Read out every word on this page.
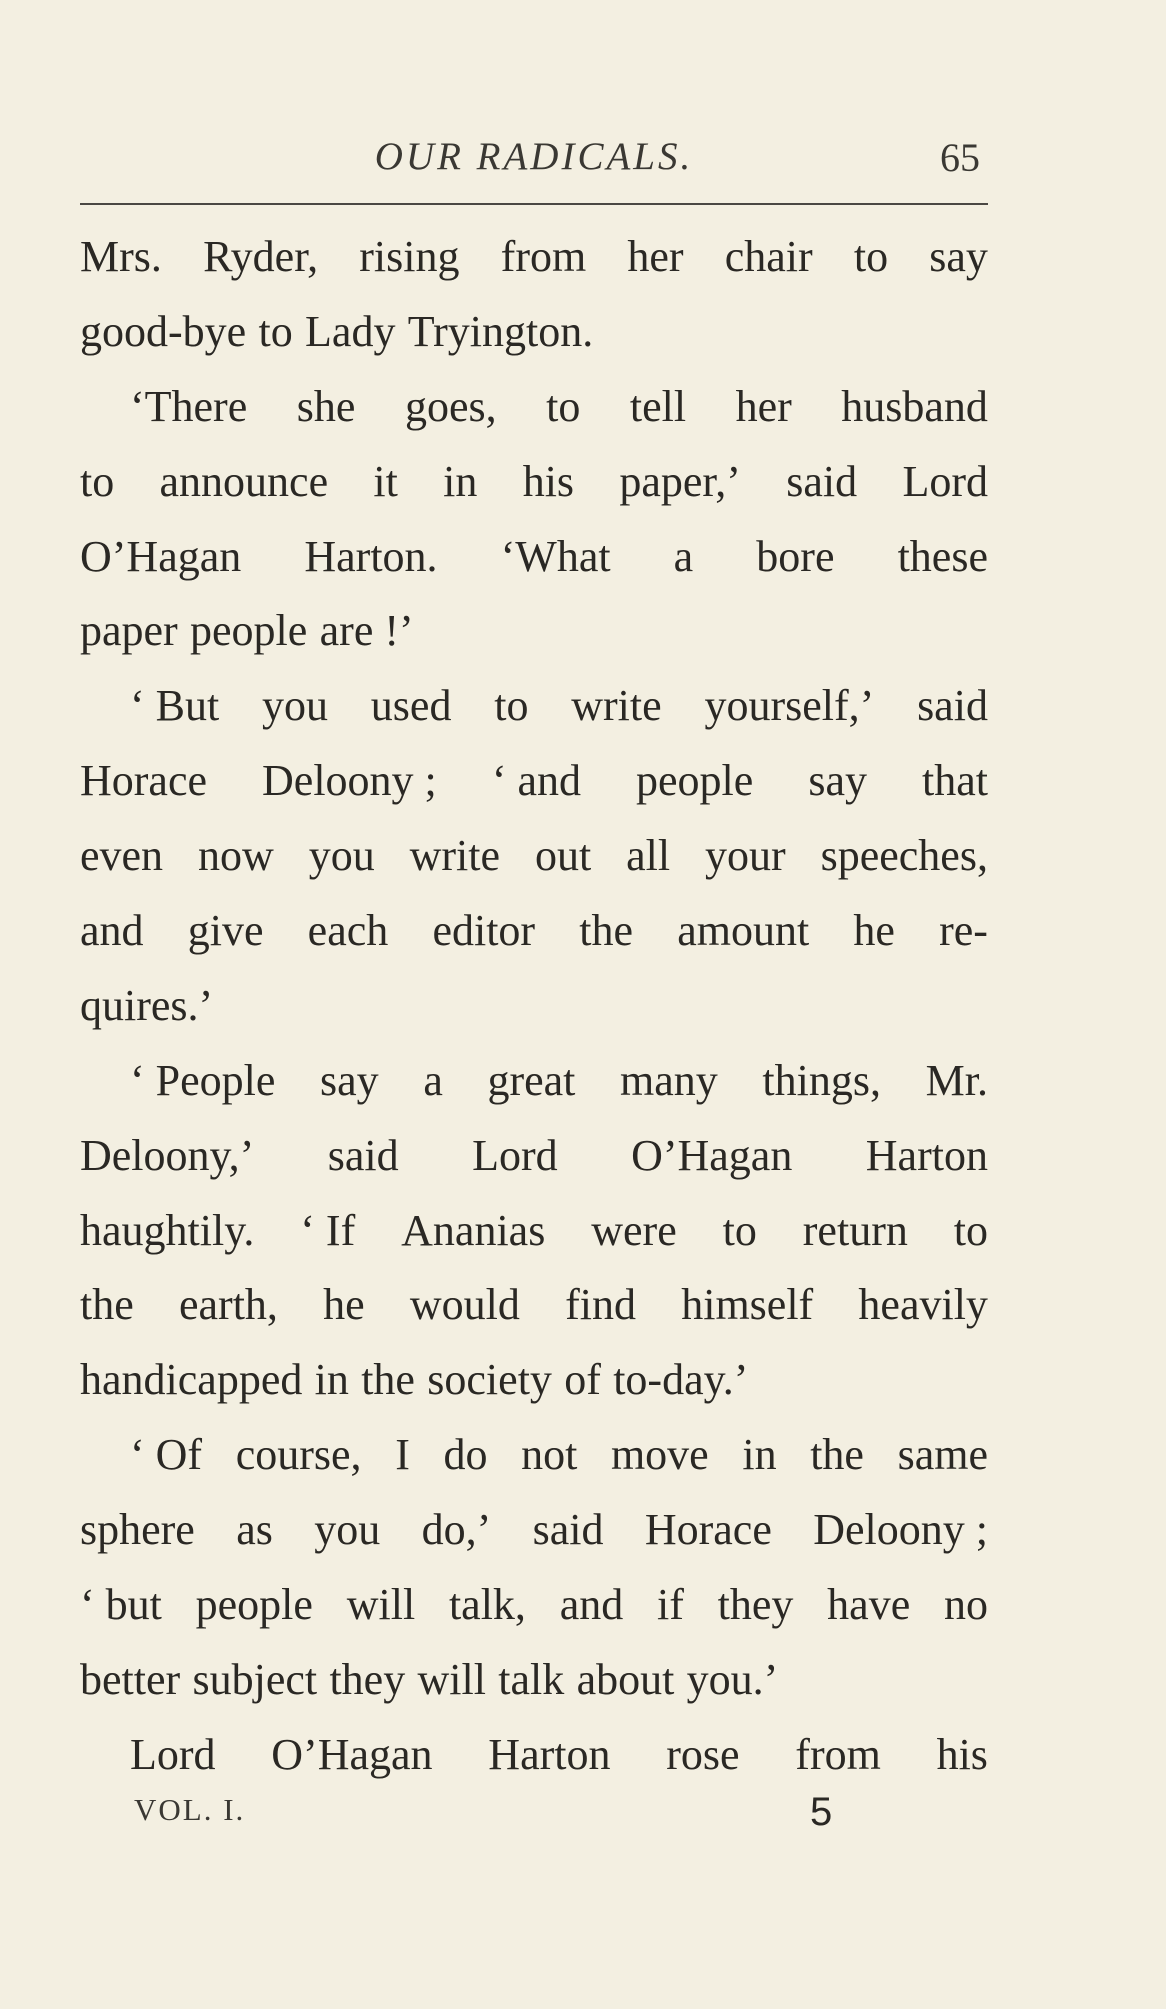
OUR RADICALS.	65
Mrs. Ryder, rising from her chair to say
good-bye to Lady Tryington.
‘There she goes, to tell her husband
to announce it in his paper,’ said Lord
O’Hagan Harton. ‘What a bore these
paper people are !’
‘ But you used to write yourself,’ said
Horace Deloony ; ‘ and people say that
even now you write out all your speeches,
and give each editor the amount he re-
quires.’
‘ People say a great many things, Mr.
Deloony,’ said Lord O’Hagan Harton
haughtily. ‘ If Ananias were to return to
the earth, he would find himself heavily
handicapped in the society of to-day.’
‘ Of course, I do not move in the same
sphere as you do,’ said Horace Deloony ;
‘ but people will talk, and if they have no
better subject they will talk about you.’
Lord O’Hagan Harton rose from his
VOL. I.	5
